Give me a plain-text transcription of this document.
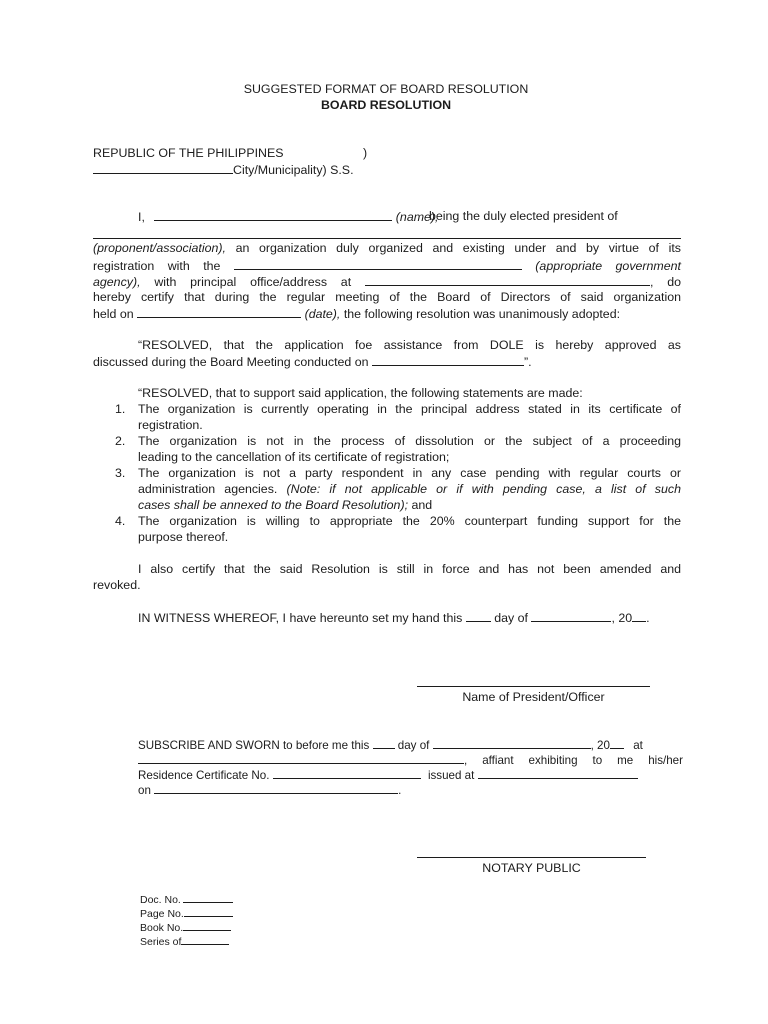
SUGGESTED FORMAT OF BOARD RESOLUTION
BOARD RESOLUTION
REPUBLIC OF THE PHILIPPINES	)
City/Municipality) S.S.
I,	(name),
being the duly elected president of
(proponent/association), an organization duly organized and existing under and by virtue of its
registration with the	(appropriate government
agency), with principal office/address at	, do
hereby certify that during the regular meeting of the Board of Directors of said organization
held on	(date), the following resolution was unanimously adopted:
“RESOLVED, that the application foe assistance from DOLE is hereby approved as
discussed during the Board Meeting conducted on	”.
“RESOLVED, that to support said application, the following statements are made:
1. The organization is currently operating in the principal address stated in its certificate of
registration.
2. The organization is not in the process of dissolution or the subject of a proceeding
leading to the cancellation of its certificate of registration;
3. The organization is not a party respondent in any case pending with regular courts or
administration agencies. (Note: if not applicable or if with pending case, a list of such
cases shall be annexed to the Board Resolution); and
4. The organization is willing to appropriate the 20% counterpart funding support for the
purpose thereof.
I also certify that the said Resolution is still in force and has not been amended and
revoked.
IN WITNESS WHEREOF, I have hereunto set my hand this	day of	, 20 .
Name of President/Officer
SUBSCRIBE AND SWORN to before me this day of	, 20 at
, affiant exhibiting to me his/her
Residence Certificate No.	issued at
on	.
NOTARY PUBLIC
Doc. No.
Page No.
Book No.
Series of
